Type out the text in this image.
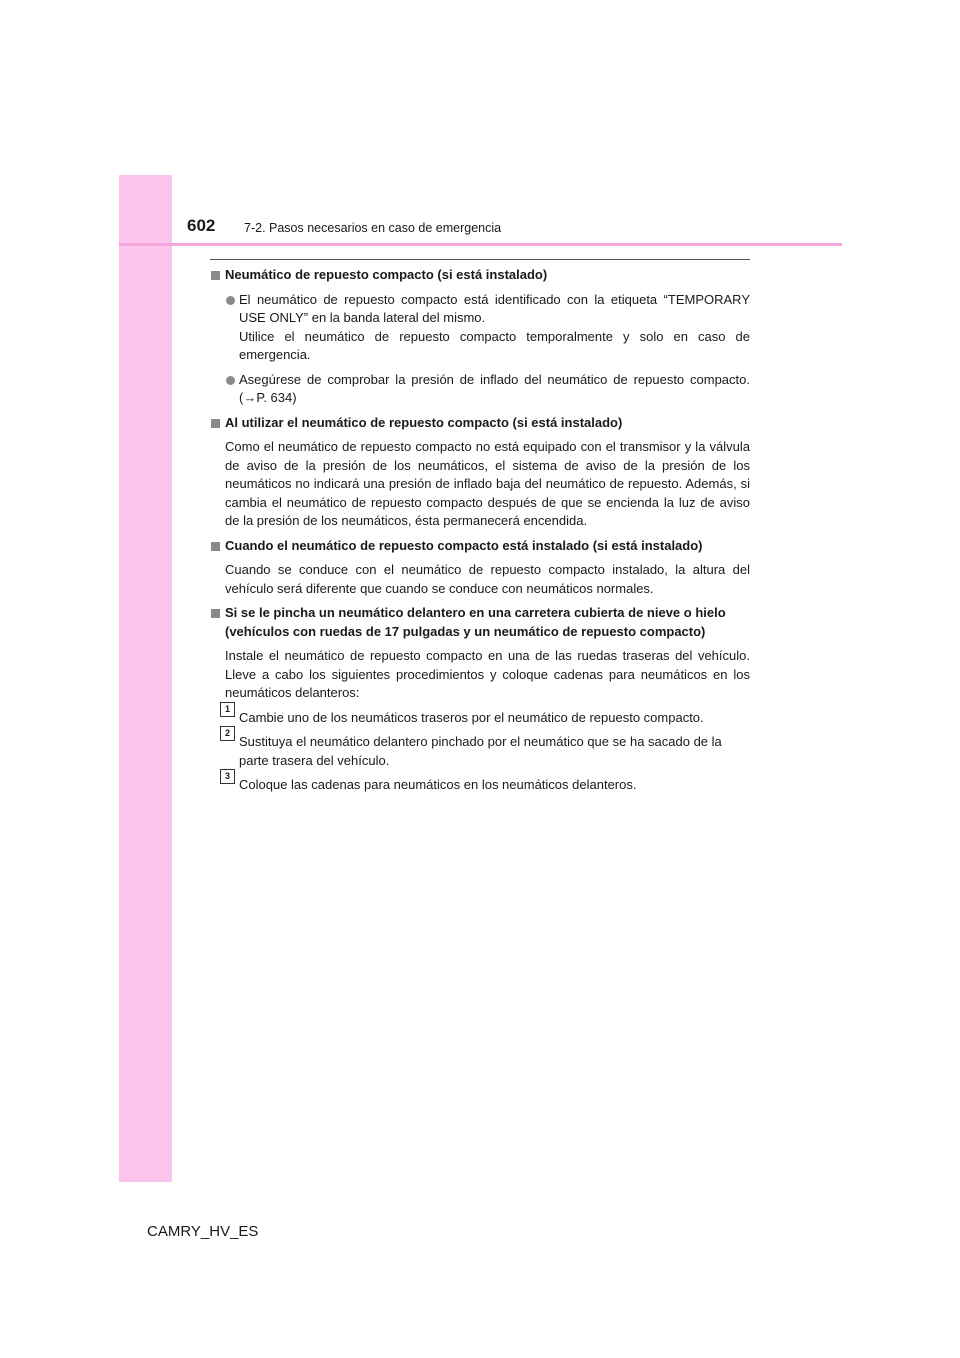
602 7-2. Pasos necesarios en caso de emergencia
Neumático de repuesto compacto (si está instalado)
El neumático de repuesto compacto está identificado con la etiqueta “TEMPORARY USE ONLY” en la banda lateral del mismo.
Utilice el neumático de repuesto compacto temporalmente y solo en caso de emergencia.
Asegúrese de comprobar la presión de inflado del neumático de repuesto compacto. (→P. 634)
Al utilizar el neumático de repuesto compacto (si está instalado)
Como el neumático de repuesto compacto no está equipado con el transmisor y la válvula de aviso de la presión de los neumáticos, el sistema de aviso de la presión de los neumáticos no indicará una presión de inflado baja del neumático de repuesto. Además, si cambia el neumático de repuesto compacto después de que se encienda la luz de aviso de la presión de los neumáticos, ésta permanecerá encendida.
Cuando el neumático de repuesto compacto está instalado (si está instalado)
Cuando se conduce con el neumático de repuesto compacto instalado, la altura del vehículo será diferente que cuando se conduce con neumáticos normales.
Si se le pincha un neumático delantero en una carretera cubierta de nieve o hielo (vehículos con ruedas de 17 pulgadas y un neumático de repuesto compacto)
Instale el neumático de repuesto compacto en una de las ruedas traseras del vehículo. Lleve a cabo los siguientes procedimientos y coloque cadenas para neumáticos en los neumáticos delanteros:
1
Cambie uno de los neumáticos traseros por el neumático de repuesto compacto.
2
Sustituya el neumático delantero pinchado por el neumático que se ha sacado de la parte trasera del vehículo.
3
Coloque las cadenas para neumáticos en los neumáticos delanteros.
CAMRY_HV_ES
